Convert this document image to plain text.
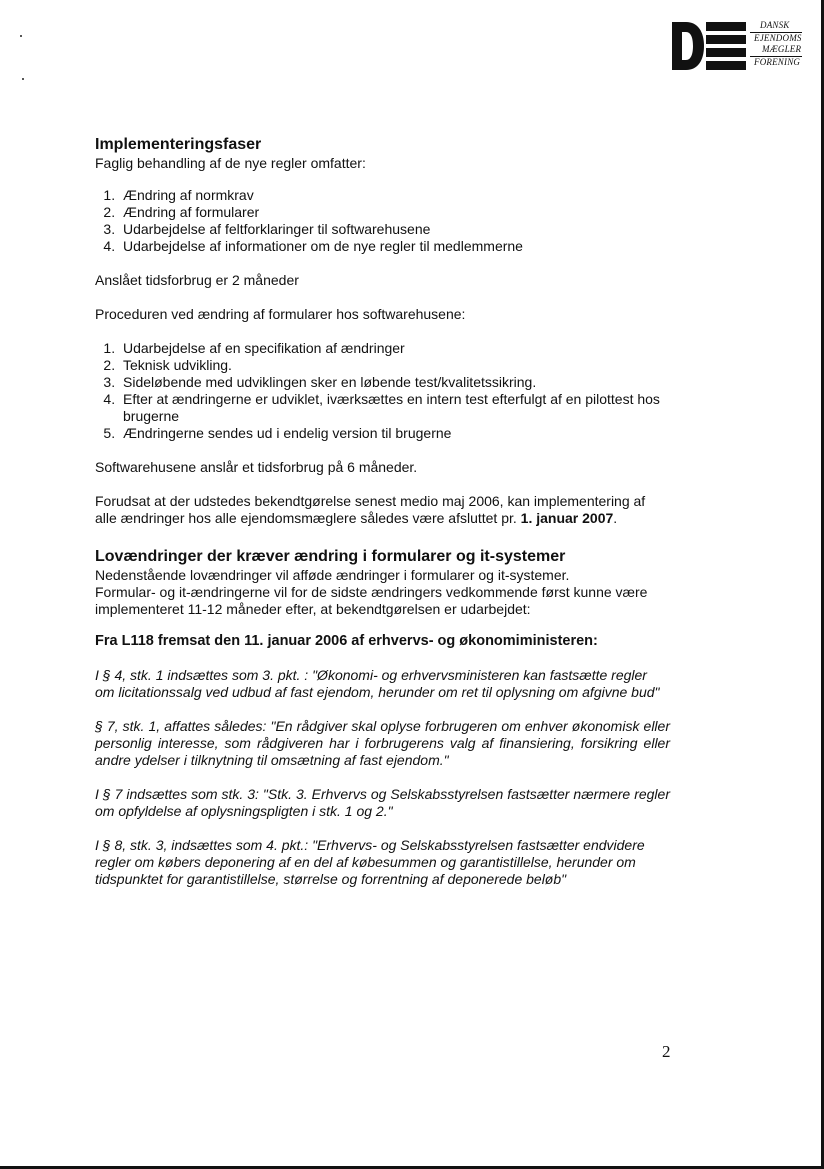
DANSK
EJENDOMS
MÆGLER
FORENING
Implementeringsfaser

Faglig behandling af de nye regler omfatter:

1. Ændring af normkrav
2. Ændring af formularer
3. Udarbejdelse af feltforklaringer til softwarehusene
4. Udarbejdelse af informationer om de nye regler til medlemmerne

Anslået tidsforbrug er 2 måneder

Proceduren ved ændring af formularer hos softwarehusene:

1. Udarbejdelse af en specifikation af ændringer
2. Teknisk udvikling.
3. Sideløbende med udviklingen sker en løbende test/kvalitetssikring.
4. Efter at ændringerne er udviklet, iværksættes en intern test efterfulgt af en pilottest hos brugerne
5. Ændringerne sendes ud i endelig version til brugerne

Softwarehusene anslår et tidsforbrug på 6 måneder.

Forudsat at der udstedes bekendtgørelse senest medio maj 2006, kan implementering af alle ændringer hos alle ejendomsmæglere således være afsluttet pr. 1. januar 2007.

Lovændringer der kræver ændring i formularer og it-systemer

Nedenstående lovændringer vil afføde ændringer i formularer og it-systemer.

Formular- og it-ændringerne vil for de sidste ændringers vedkommende først kunne være implementeret 11-12 måneder efter, at bekendtgørelsen er udarbejdet:

Fra L118 fremsat den 11. januar 2006 af erhvervs- og økonomiministeren:

I § 4, stk. 1 indsættes som 3. pkt. : "Økonomi- og erhvervsministeren kan fastsætte regler om licitationssalg ved udbud af fast ejendom, herunder om ret til oplysning om afgivne bud"

§ 7, stk. 1, affattes således: "En rådgiver skal oplyse forbrugeren om enhver økonomisk eller personlig interesse, som rådgiveren har i forbrugerens valg af finansiering, forsikring eller andre ydelser i tilknytning til omsætning af fast ejendom."

I § 7 indsættes som stk. 3: "Stk. 3. Erhvervs og Selskabsstyrelsen fastsætter nærmere regler om opfyldelse af oplysningspligten i stk. 1 og 2."

I § 8, stk. 3, indsættes som 4. pkt.: "Erhvervs- og Selskabsstyrelsen fastsætter endvidere regler om købers deponering af en del af købesummen og garantistillelse, herunder om tidspunktet for garantistillelse, størrelse og forrentning af deponerede beløb"

2
